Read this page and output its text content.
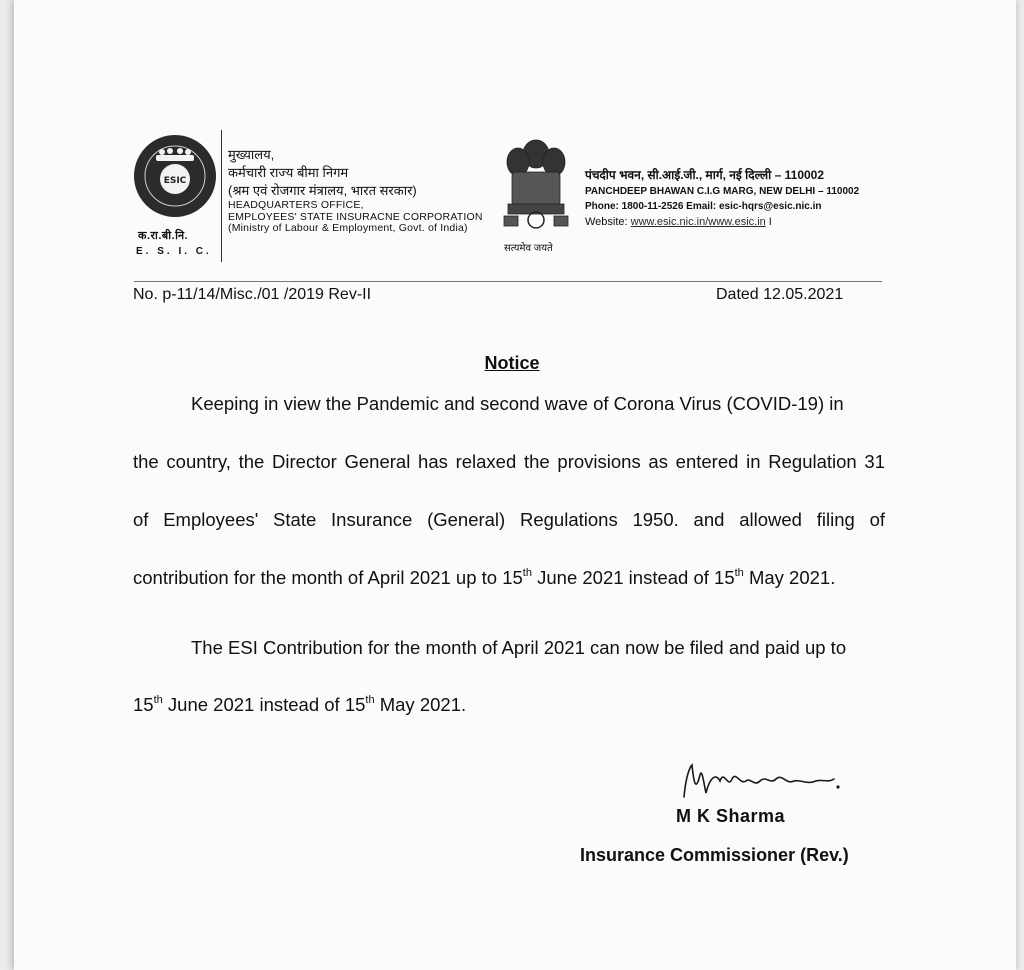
ESIC
क.रा.बी.नि.
E. S. I. C.
मुख्यालय,
कर्मचारी राज्य बीमा निगम
(श्रम एवं रोजगार मंत्रालय, भारत सरकार)
HEADQUARTERS OFFICE,
EMPLOYEES' STATE INSURACNE CORPORATION
(Ministry of Labour & Employment, Govt. of India)
सत्यमेव जयते
पंचदीप भवन, सी.आई.जी., मार्ग, नई दिल्ली – 110002
PANCHDEEP BHAWAN C.I.G MARG, NEW DELHI – 110002
Phone: 1800-11-2526 Email: esic-hqrs@esic.nic.in
Website: www.esic.nic.in/www.esic.in I
No. p-11/14/Misc./01 /2019 Rev-II	Dated 12.05.2021
Notice
Keeping in view the Pandemic and second wave of Corona Virus (COVID-19) in
the country, the Director General has relaxed the provisions as entered in Regulation 31
of Employees' State Insurance (General) Regulations 1950. and allowed filing of
contribution for the month of April 2021 up to 15th June 2021 instead of 15th May 2021.
The ESI Contribution for the month of April 2021 can now be filed and paid up to
15th June 2021 instead of 15th May 2021.
M K Sharma
Insurance Commissioner (Rev.)
